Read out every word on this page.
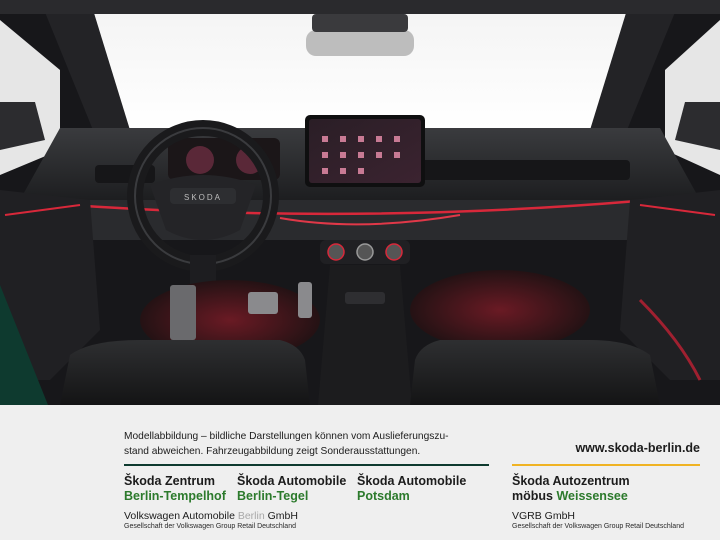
SKODA
Modellabbildung – bildliche Darstellungen können vom Auslieferungszu-
stand abweichen. Fahrzeugabbildung zeigt Sonderausstattungen.	www.skoda-berlin.de
Škoda Zentrum
Berlin-Tempelhof
Škoda Automobile
Berlin-Tegel
Škoda Automobile
Potsdam
Škoda Autozentrum
möbus Weissensee
Volkswagen Automobile Berlin GmbH
Gesellschaft der Volkswagen Group Retail Deutschland
VGRB GmbH
Gesellschaft der Volkswagen Group Retail Deutschland
